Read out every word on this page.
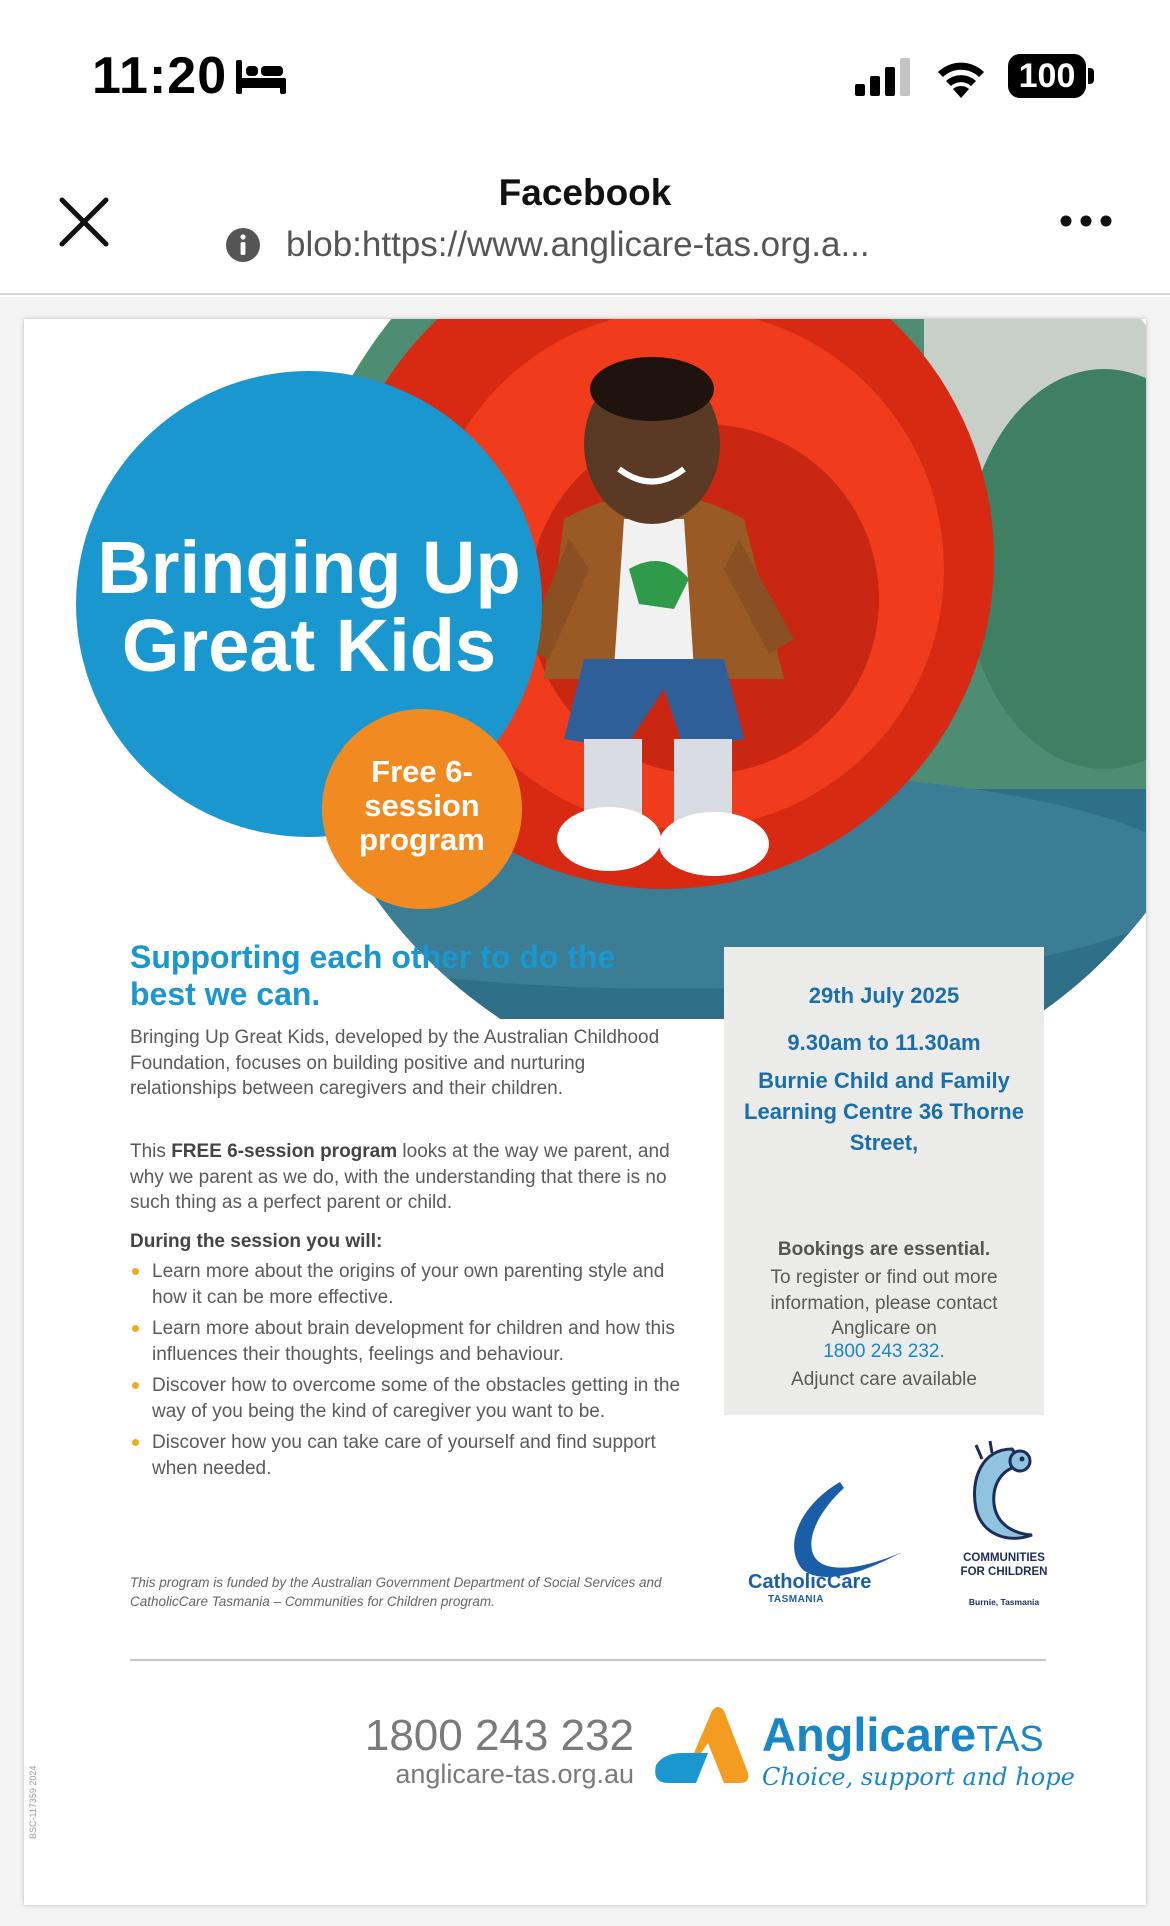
11:20	100
Facebook
blob:https://www.anglicare-tas.org.a...
Bringing Up Great Kids
Free 6-session program
Supporting each other to do the best we can.
Bringing Up Great Kids, developed by the Australian Childhood Foundation, focuses on building positive and nurturing relationships between caregivers and their children.
This FREE 6-session program looks at the way we parent, and why we parent as we do, with the understanding that there is no such thing as a perfect parent or child.
During the session you will:
Learn more about the origins of your own parenting style and how it can be more effective.
Learn more about brain development for children and how this influences their thoughts, feelings and behaviour.
Discover how to overcome some of the obstacles getting in the way of you being the kind of caregiver you want to be.
Discover how you can take care of yourself and find support when needed.
This program is funded by the Australian Government Department of Social Services and CatholicCare Tasmania – Communities for Children program.
29th July 2025
9.30am to 11.30am
Burnie Child and Family Learning Centre 36 Thorne Street,
Bookings are essential.
To register or find out more information, please contact Anglicare on
1800 243 232.
Adjunct care available
CatholicCare
TASMANIA
COMMUNITIES FOR CHILDREN
Burnie, Tasmania
1800 243 232
anglicare-tas.org.au
AnglicareTAS
Choice, support and hope
BSC-117359 2024
